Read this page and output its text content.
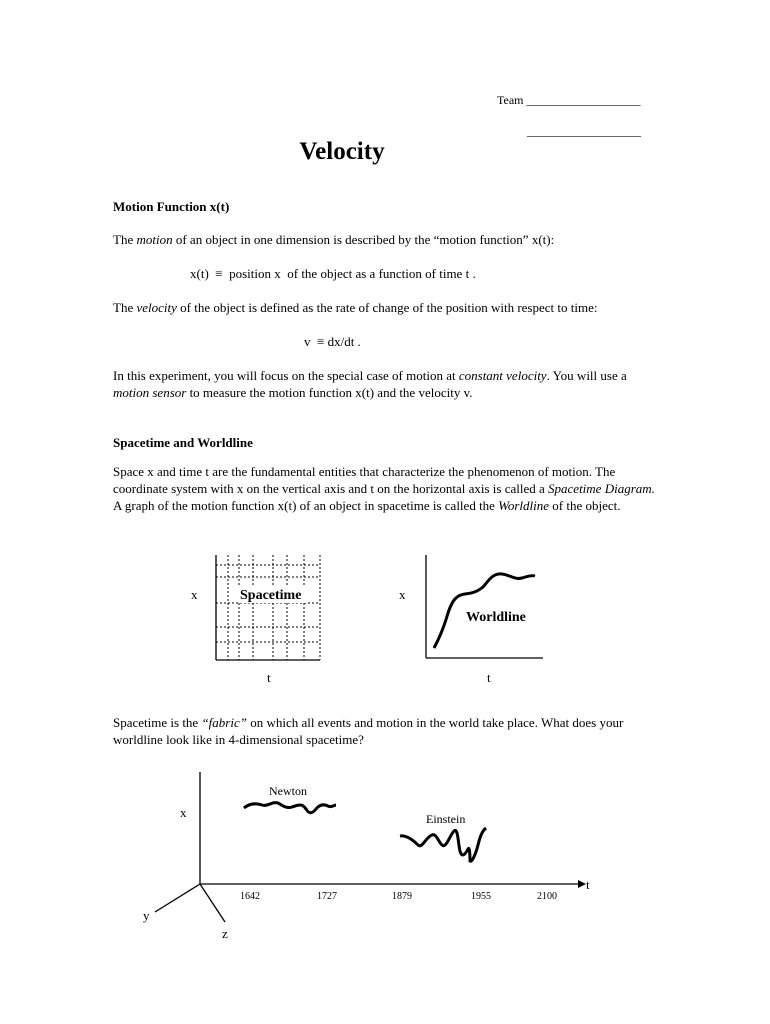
Team ___________________
___________________
Velocity
Motion Function x(t)
The motion of an object in one dimension is described by the “motion function” x(t):
x(t)  ≡  position x  of the object as a function of time t .
The velocity of the object is defined as the rate of change of the position with respect to time:
v  ≡ dx/dt .
In this experiment, you will focus on the special case of motion at constant velocity. You will use a motion sensor to measure the motion function x(t) and the velocity v.
Spacetime and Worldline
Space x and time t are the fundamental entities that characterize the phenomenon of motion. The coordinate system with x on the vertical axis and t on the horizontal axis is called a Spacetime Diagram. A graph of the motion function x(t) of an object in spacetime is called the Worldline of the object.
x
t
Spacetime	x
t
Worldline
Spacetime is the “fabric” on which all events and motion in the world take place. What does your worldline look like in 4-dimensional spacetime?
x
t
y
z
1642	1727	1879	1955	2100
Newton
Einstein
